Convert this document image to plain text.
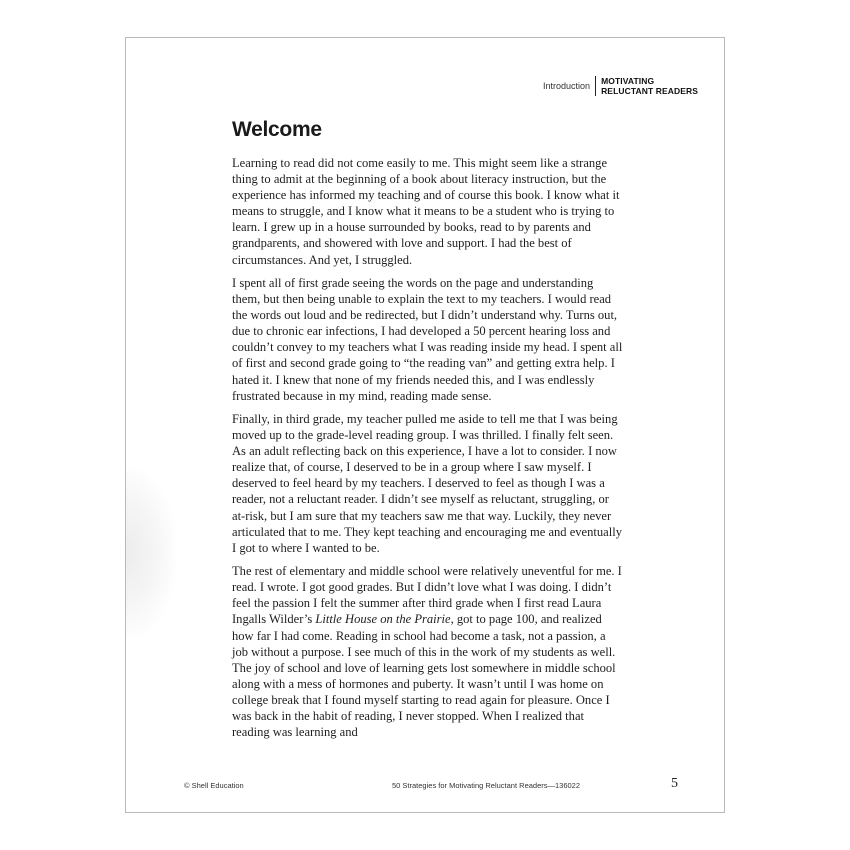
Introduction	MOTIVATING
RELUCTANT READERS
Welcome

Learning to read did not come easily to me. This might seem like a strange thing to admit at the beginning of a book about literacy instruction, but the experience has informed my teaching and of course this book. I know what it means to struggle, and I know what it means to be a student who is trying to learn. I grew up in a house surrounded by books, read to by parents and grandparents, and showered with love and support. I had the best of circumstances. And yet, I struggled.

I spent all of first grade seeing the words on the page and understanding them, but then being unable to explain the text to my teachers. I would read the words out loud and be redirected, but I didn’t understand why. Turns out, due to chronic ear infections, I had developed a 50 percent hearing loss and couldn’t convey to my teachers what I was reading inside my head. I spent all of first and second grade going to “the reading van” and getting extra help. I hated it. I knew that none of my friends needed this, and I was endlessly frustrated because in my mind, reading made sense.

Finally, in third grade, my teacher pulled me aside to tell me that I was being moved up to the grade-level reading group. I was thrilled. I finally felt seen. As an adult reflecting back on this experience, I have a lot to consider. I now realize that, of course, I deserved to be in a group where I saw myself. I deserved to feel heard by my teachers. I deserved to feel as though I was a reader, not a reluctant reader. I didn’t see myself as reluctant, struggling, or at-risk, but I am sure that my teachers saw me that way. Luckily, they never articulated that to me. They kept teaching and encouraging me and eventually I got to where I wanted to be.

The rest of elementary and middle school were relatively uneventful for me. I read. I wrote. I got good grades. But I didn’t love what I was doing. I didn’t feel the passion I felt the summer after third grade when I first read Laura Ingalls Wilder’s Little House on the Prairie, got to page 100, and realized how far I had come. Reading in school had become a task, not a passion, a job without a purpose. I see much of this in the work of my students as well. The joy of school and love of learning gets lost somewhere in middle school along with a mess of hormones and puberty. It wasn’t until I was home on college break that I found myself starting to read again for pleasure. Once I was back in the habit of reading, I never stopped. When I realized that reading was learning and

© Shell Education	50 Strategies for Motivating Reluctant Readers—136022	5
